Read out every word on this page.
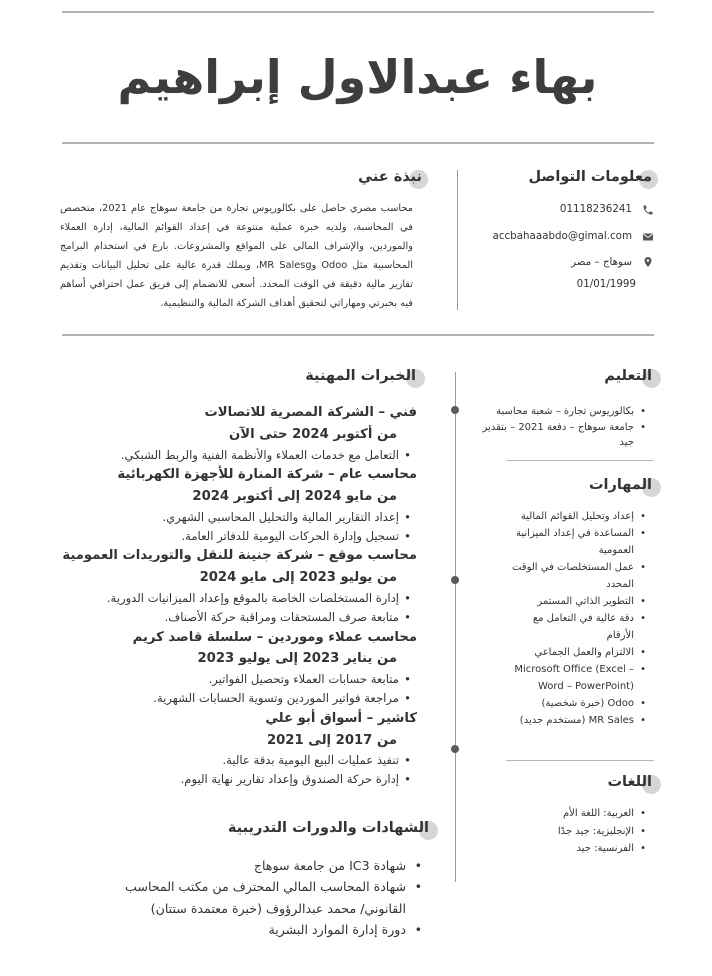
بهاء عبدالاول إبراهيم
معلومات التواصل
01118236241
accbahaaabdo@gimal.com
سوهاج – مصر
01/01/1999
نبذة عني
محاسب مصري حاصل على بكالوريوس تجارة من جامعة سوهاج عام 2021، متخصص في المحاسبة، ولديه خبرة عملية متنوعة في إعداد القوائم المالية، إدارة العملاء والموردين، والإشراف المالي على المواقع والمشروعات. بارع في استخدام البرامج المحاسبية مثل Odoo وMR Salesg، ويملك قدرة عالية على تحليل البيانات وتقديم تقارير مالية دقيقة في الوقت المحدد. أسعى للانضمام إلى فريق عمل احترافي أساهم فيه بخبرتي ومهاراتي لتحقيق أهداف الشركة المالية والتنظيمية.
التعليم
• بكالوريوس تجارة – شعبة محاسبة
• جامعة سوهاج – دفعة 2021 – بتقدير جيد
المهارات
• إعداد وتحليل القوائم المالية
• المساعدة في إعداد الميزانية العمومية
• عمل المستخلصات في الوقت المحدد
• التطوير الذاتي المستمر
• دقة عالية في التعامل مع الأرقام
• الالتزام والعمل الجماعي
• Microsoft Office (Excel – Word – PowerPoint)
• Odoo (خبرة شخصية)
• MR Sales (مستخدم جديد)
اللغات
• العربية: اللغة الأم
• الإنجليزية: جيد جدًا
• الفرنسية: جيد
الخبرات المهنية
فني – الشركة المصرية للاتصالات
من أكتوبر 2024 حتى الآن
• التعامل مع خدمات العملاء والأنظمة الفنية والربط الشبكي.
محاسب عام – شركة المنارة للأجهزة الكهربائية
من مايو 2024 إلى أكتوبر 2024
• إعداد التقارير المالية والتحليل المحاسبي الشهري.
• تسجيل وإدارة الحركات اليومية للدفاتر العامة.
محاسب موقع – شركة جنينة للنقل والتوريدات العمومية
من يوليو 2023 إلى مايو 2024
• إدارة المستخلصات الخاصة بالموقع وإعداد الميزانيات الدورية.
• متابعة صرف المستحقات ومراقبة حركة الأصناف.
محاسب عملاء وموردين – سلسلة قاصد كريم
من يناير 2023 إلى يوليو 2023
• متابعة حسابات العملاء وتحصيل الفواتير.
• مراجعة فواتير الموردين وتسوية الحسابات الشهرية.
كاشير – أسواق أبو علي
من 2017 إلى 2021
• تنفيذ عمليات البيع اليومية بدقة عالية.
• إدارة حركة الصندوق وإعداد تقارير نهاية اليوم.
الشهادات والدورات التدريبية
• شهادة IC3 من جامعة سوهاج
• شهادة المحاسب المالي المحترف من مكتب المحاسب القانوني/ محمد عبدالرؤوف (خبرة معتمدة ستتان)
• دورة إدارة الموارد البشرية
